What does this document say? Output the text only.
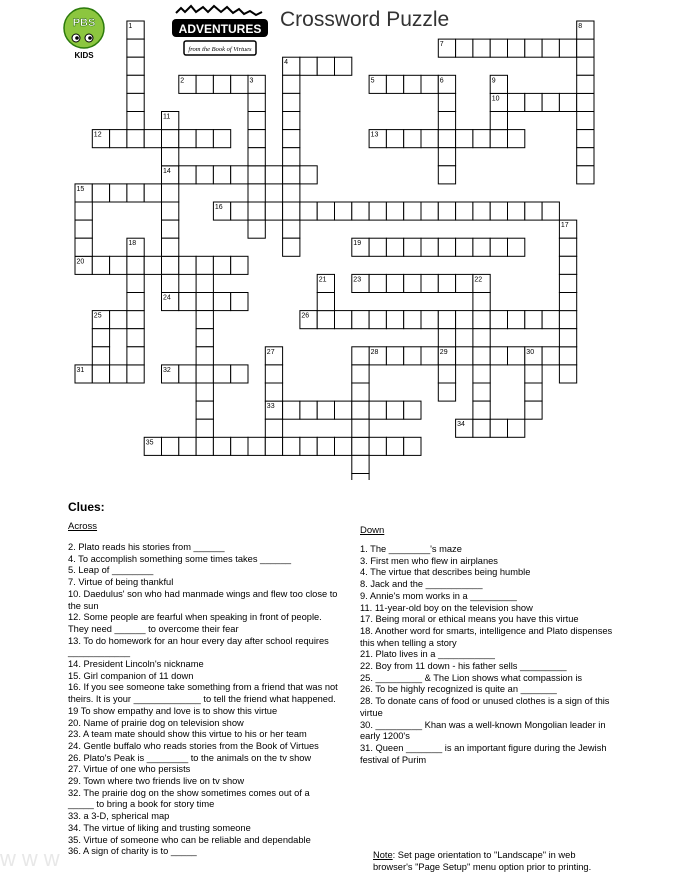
1
2	3
4
5	6
7
8
9
10
11
12	13
14
15
16
17
18	19
20
21	22
23
24
25	26
27	28	29	30
31	32
33
34
35
PBS
KIDS
ADVENTURES
from the Book of Virtues
Crossword Puzzle
Clues:
Across	Down
2. Plato reads his stories from ______
4. To accomplish something some times takes ______
5. Leap of ________
7. Virtue of being thankful
10. Daedulus' son who had manmade wings and flew too close to the sun
12. Some people are fearful when speaking in front of people. They need ______ to overcome their fear
13. To do homework for an hour every day after school requires ____________
14. President Lincoln's nickname
15. Girl companion of 11 down
16. If you see someone take something from a friend that was not theirs. It is your _____________ to tell the friend what happened.
19 To show empathy and love is to show this virtue
20. Name of prairie dog on television show
23. A team mate should show this virtue to his or her team
24. Gentle buffalo who reads stories from the Book of Virtues
26. Plato's Peak is ________ to the animals on the tv show
27. Virtue of one who persists
29. Town where two friends live on tv show
32. The prairie dog on the show sometimes comes out of a _____ to bring a book for story time
33. a 3-D, spherical map
34. The virtue of liking and trusting someone
35. Virtue of someone who can be reliable and dependable
36. A sign of charity is to _____
1. The ________'s maze
3. First men who flew in airplanes
4. The virtue that describes being humble
8. Jack and the ___________
9. Annie's mom works in a _________
11. 11-year-old boy on the television show
17. Being moral or ethical means you have this virtue
18. Another word for smarts, intelligence and Plato dispenses this when telling a story
21. Plato lives in a ___________
22. Boy from 11 down - his father sells _________
25. _________ & The Lion shows what compassion is
26. To be highly recognized is quite an _______
28. To donate cans of food or unused clothes is a sign of this virtue
30. _________ Khan was a well-known Mongolian leader in early 1200's
31. Queen _______ is an important figure during the Jewish festival of Purim
Note: Set page orientation to "Landscape" in web browser's "Page Setup" menu option prior to printing.
www
